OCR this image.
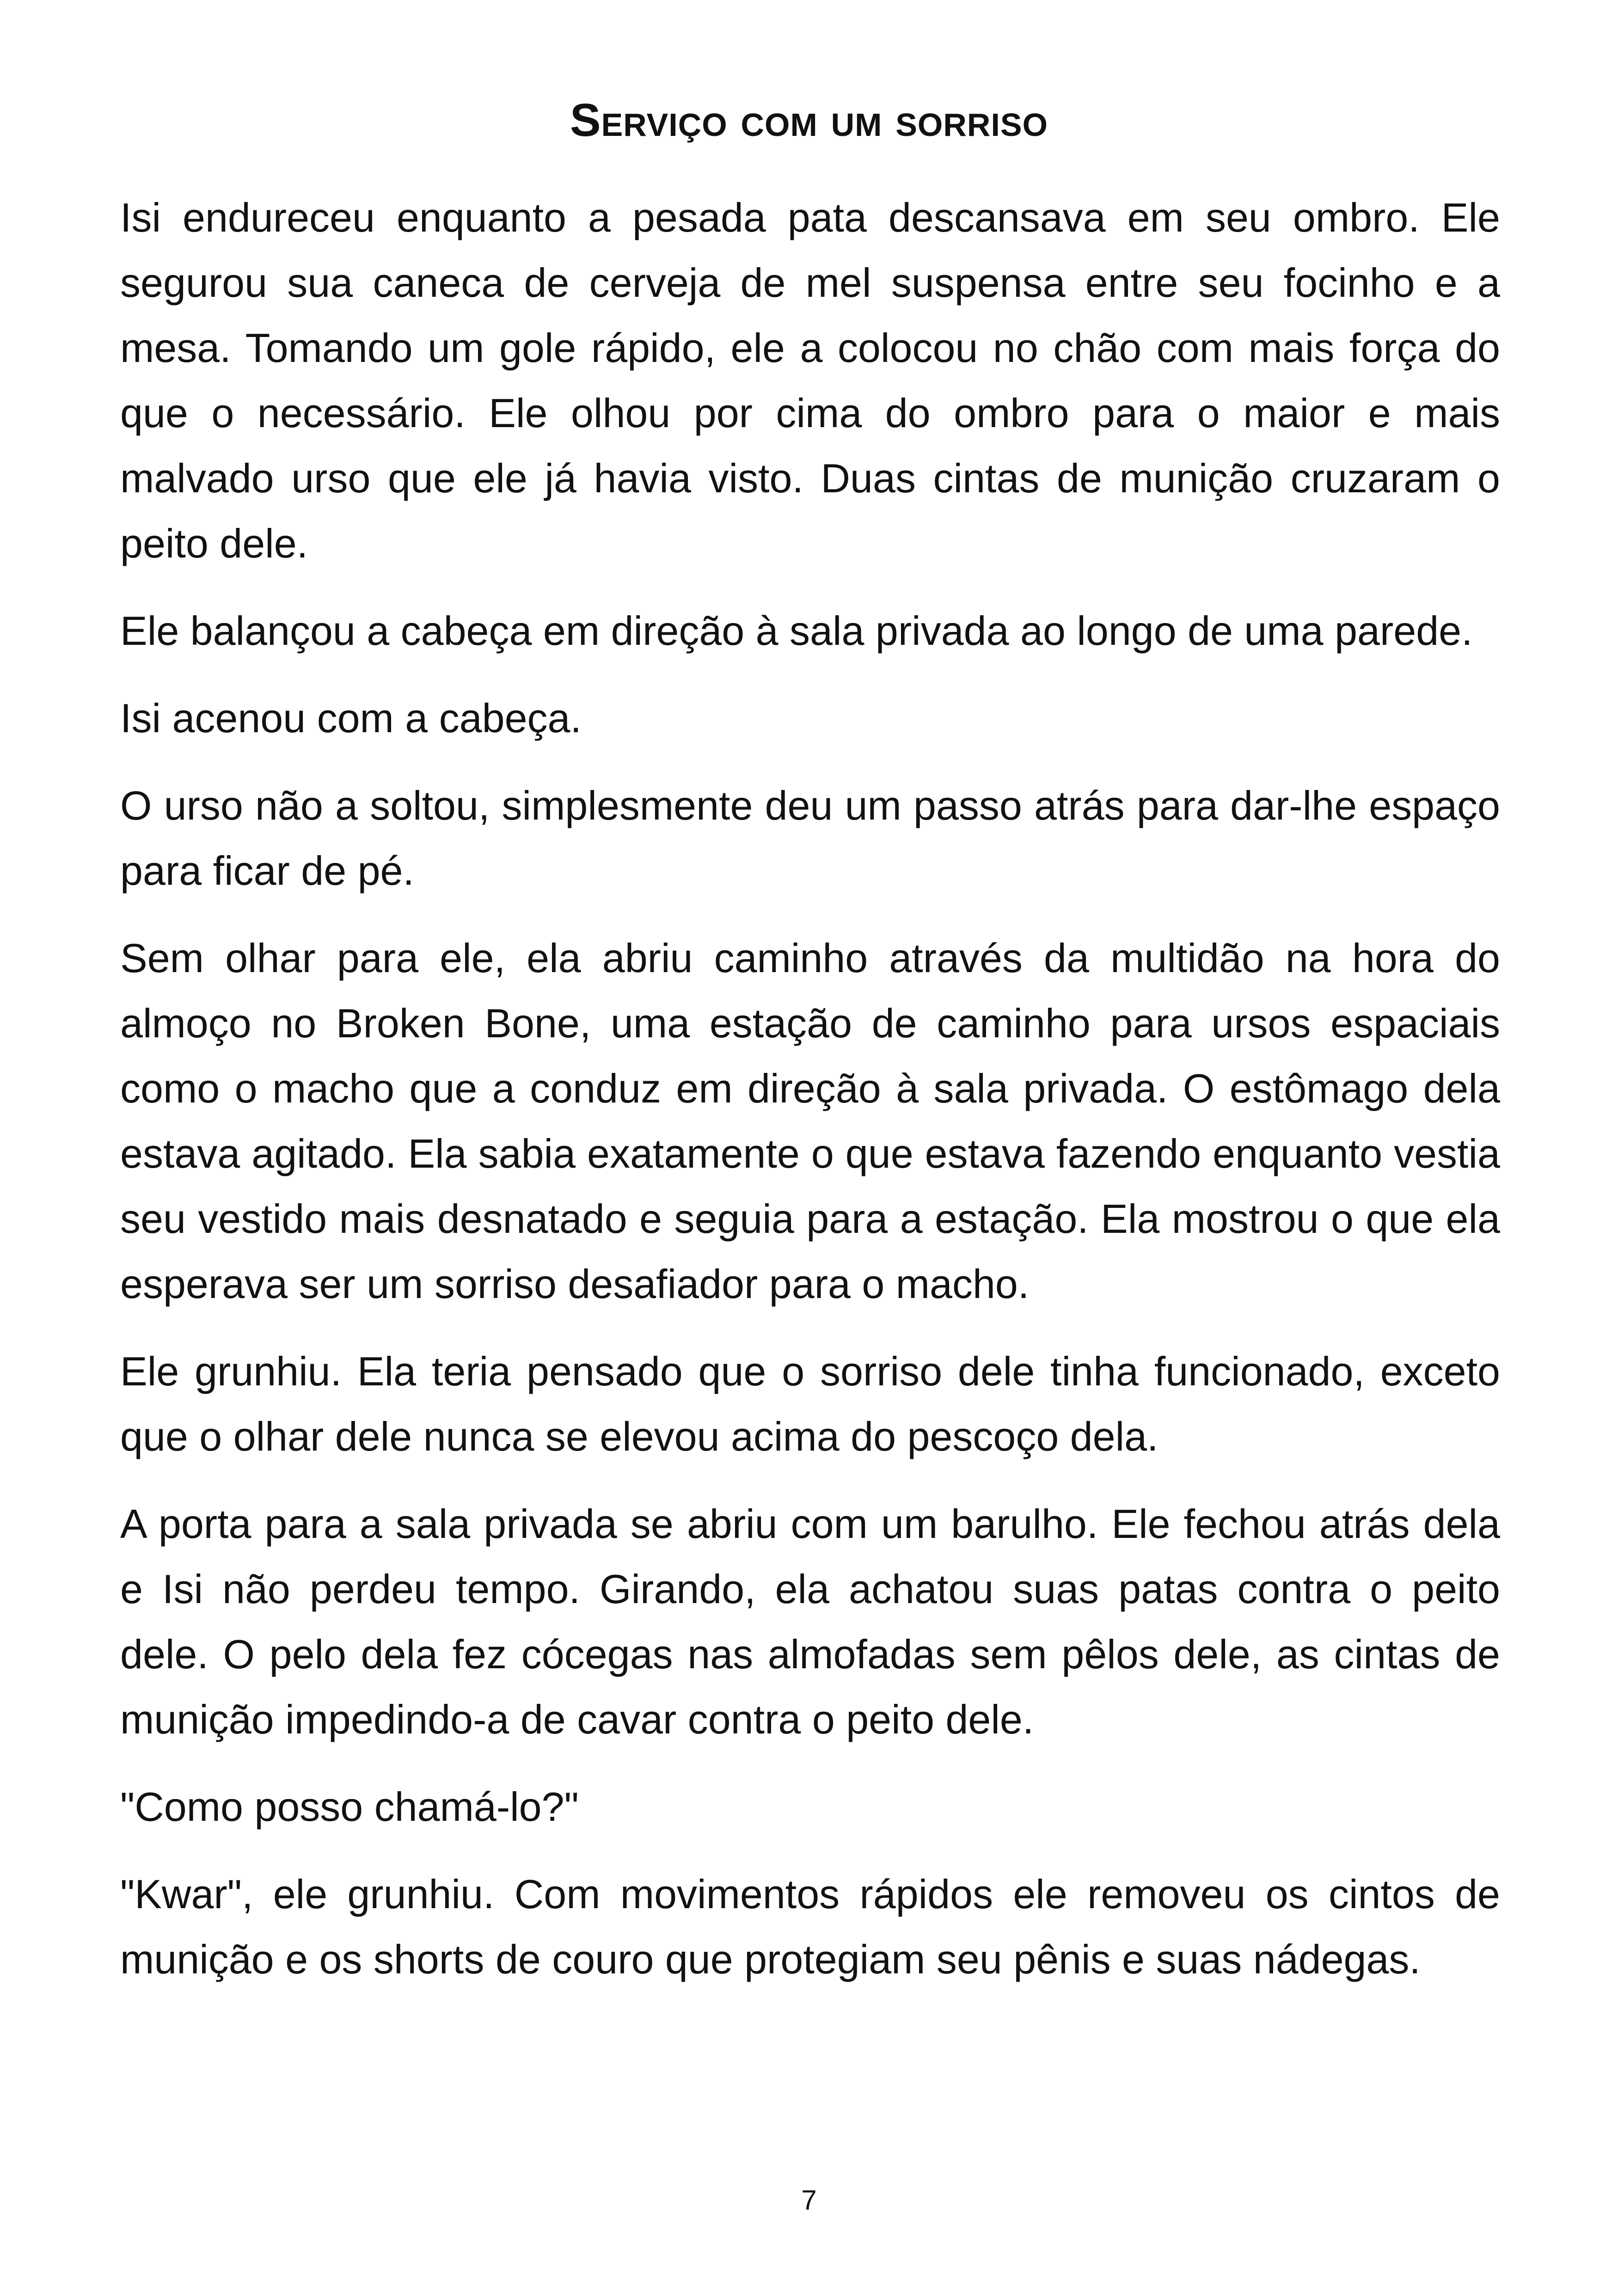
Serviço com um sorriso

Isi endureceu enquanto a pesada pata descansava em seu ombro. Ele segurou sua caneca de cerveja de mel suspensa entre seu focinho e a mesa. Tomando um gole rápido, ele a colocou no chão com mais força do que o necessário. Ele olhou por cima do ombro para o maior e mais malvado urso que ele já havia visto. Duas cintas de munição cruzaram o peito dele.

Ele balançou a cabeça em direção à sala privada ao longo de uma parede.

Isi acenou com a cabeça.

O urso não a soltou, simplesmente deu um passo atrás para dar-lhe espaço para ficar de pé.

Sem olhar para ele, ela abriu caminho através da multidão na hora do almoço no Broken Bone, uma estação de caminho para ursos espaciais como o macho que a conduz em direção à sala privada. O estômago dela estava agitado. Ela sabia exatamente o que estava fazendo enquanto vestia seu vestido mais desnatado e seguia para a estação. Ela mostrou o que ela esperava ser um sorriso desafiador para o macho.

Ele grunhiu. Ela teria pensado que o sorriso dele tinha funcionado, exceto que o olhar dele nunca se elevou acima do pescoço dela.

A porta para a sala privada se abriu com um barulho. Ele fechou atrás dela e Isi não perdeu tempo. Girando, ela achatou suas patas contra o peito dele. O pelo dela fez cócegas nas almofadas sem pêlos dele, as cintas de munição impedindo-a de cavar contra o peito dele.

"Como posso chamá-lo?"

"Kwar", ele grunhiu. Com movimentos rápidos ele removeu os cintos de munição e os shorts de couro que protegiam seu pênis e suas nádegas.

7
